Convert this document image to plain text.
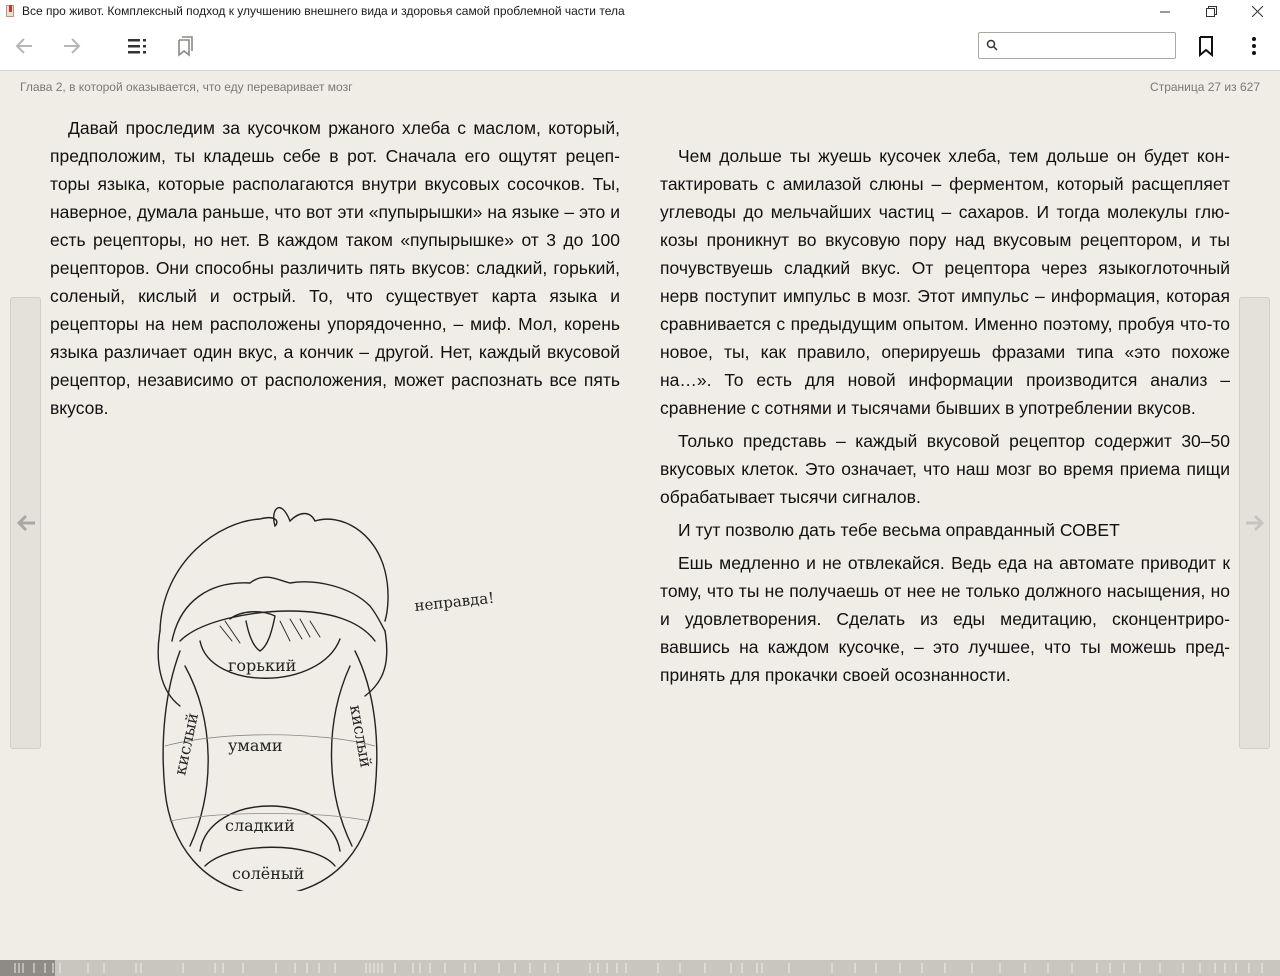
Все про живот. Комплексный подход к улучшению внешнего вида и здоровья самой проблемной части тела
Глава 2, в которой оказывается, что еду переваривает мозг	Страница 27 из 627

Давай проследим за кусочком ржаного хлеба с маслом, который, предположим, ты кладешь себе в рот. Сначала его ощутят рецепторы языка, которые располагаются внутри вкусовых сосочков. Ты, наверное, думала раньше, что вот эти «пупырышки» на языке – это и есть рецепторы, но нет. В каждом таком «пупырышке» от 3 до 100 рецепторов. Они способны различить пять вкусов: сладкий, горький, соленый, кислый и острый. То, что существует карта языка и рецепторы на нем расположены упорядоченно, – миф. Мол, корень языка различает один вкус, а кончик – другой. Нет, каждый вкусовой рецептор, независимо от расположения, может распознать все пять вкусов.

Чем дольше ты жуешь кусочек хлеба, тем дольше он будет контактировать с амилазой слюны – ферментом, который расщепляет углеводы до мельчайших частиц – сахаров. И тогда молекулы глюкозы проникнут во вкусовую пору над вкусовым рецептором, и ты почувствуешь сладкий вкус. От рецептора через языкоглоточный нерв поступит импульс в мозг. Этот импульс – информация, которая сравнивается с предыдущим опытом. Именно поэтому, пробуя что-то новое, ты, как правило, оперируешь фразами типа «это похоже на…». То есть для новой информации производится анализ – сравнение с сотнями и тысячами бывших в употреблении вкусов.

Только представь – каждый вкусовой рецептор содержит 30–50 вкусовых клеток. Это означает, что наш мозг во время приема пищи обрабатывает тысячи сигналов.

И тут позволю дать тебе весьма оправданный СОВЕТ

Ешь медленно и не отвлекайся. Ведь еда на автомате приводит к тому, что ты не получаешь от нее не только должного насыщения, но и удовлетворения. Сделать из еды медитацию, сконцентрировавшись на каждом кусочке, – это лучшее, что ты можешь предпринять для прокачки своей осознанности.

горький
умами
сладкий
солёный
кислый	кислый
неправда!
